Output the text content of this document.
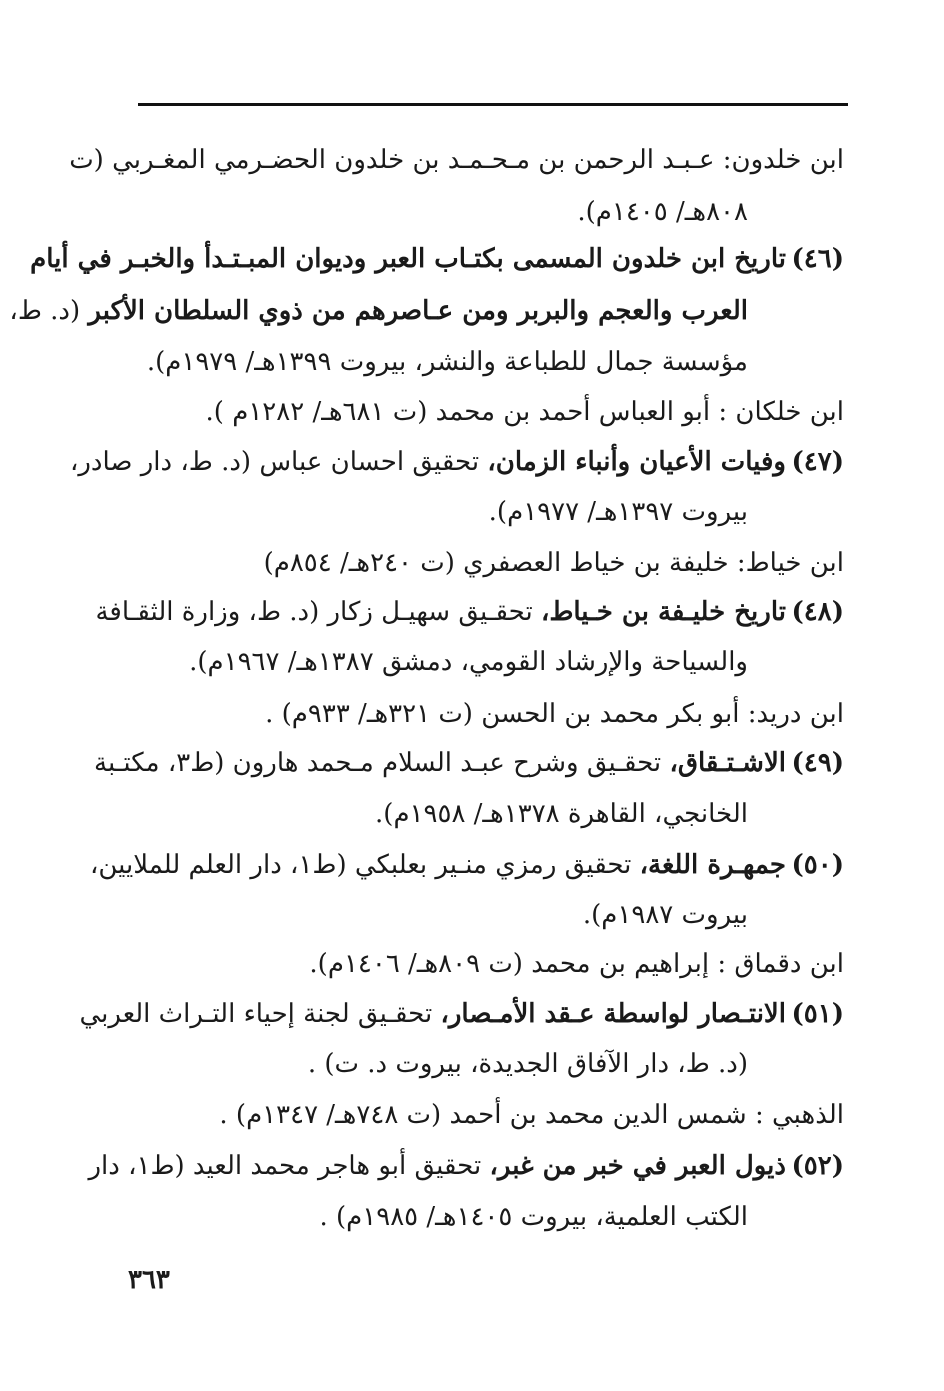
ابن خلدون: عـبـد الرحمن بن مـحـمـد بن خلدون الحضـرمي المغـربي (ت
٨٠٨هـ/ ١٤٠٥م).
(٤٦)تاريخ ابن خلدون المسمى بكتـاب العبر وديوان المبـتـدأ والخبـر في أيام
العرب والعجم والبربر ومن عـاصرهم من ذوي السلطان الأكبر (د. ط،
مؤسسة جمال للطباعة والنشر، بيروت ١٣٩٩هـ/ ١٩٧٩م).
ابن خلكان : أبو العباس أحمد بن محمد (ت ٦٨١هـ/ ١٢٨٢م ).
(٤٧)وفيات الأعيان وأنباء الزمان، تحقيق احسان عباس (د. ط، دار صادر،
بيروت ١٣٩٧هـ/ ١٩٧٧م).
ابن خياط: خليفة بن خياط العصفري (ت ٢٤٠هـ/ ٨٥٤م)
(٤٨)تاريخ خليـفة بن خـياط، تحقـيق سهيـل زكار (د. ط، وزارة الثقـافة
والسياحة والإرشاد القومي، دمشق ١٣٨٧هـ/ ١٩٦٧م).
ابن دريد: أبو بكر محمد بن الحسن (ت ٣٢١هـ/ ٩٣٣م) .
(٤٩)الاشـتـقاق، تحقـيق وشرح عبـد السلام مـحمد هارون (ط٣، مكتـبة
الخانجي، القاهرة ١٣٧٨هـ/ ١٩٥٨م).
(٥٠)جمهـرة اللغة، تحقيق رمزي منـير بعلبكي (ط١، دار العلم للملايين،
بيروت ١٩٨٧م).
ابن دقماق : إبراهيم بن محمد (ت ٨٠٩هـ/ ١٤٠٦م).
(٥١)الانتـصار لواسطة عـقد الأمـصار، تحقـيق لجنة إحياء التـراث العربي
(د. ط، دار الآفاق الجديدة، بيروت د. ت) .
الذهبي : شمس الدين محمد بن أحمد (ت ٧٤٨هـ/ ١٣٤٧م) .
(٥٢)ذيول العبر في خبر من غبر، تحقيق أبو هاجر محمد العيد (ط١، دار
الكتب العلمية، بيروت ١٤٠٥هـ/ ١٩٨٥م) .
٣٦٣
